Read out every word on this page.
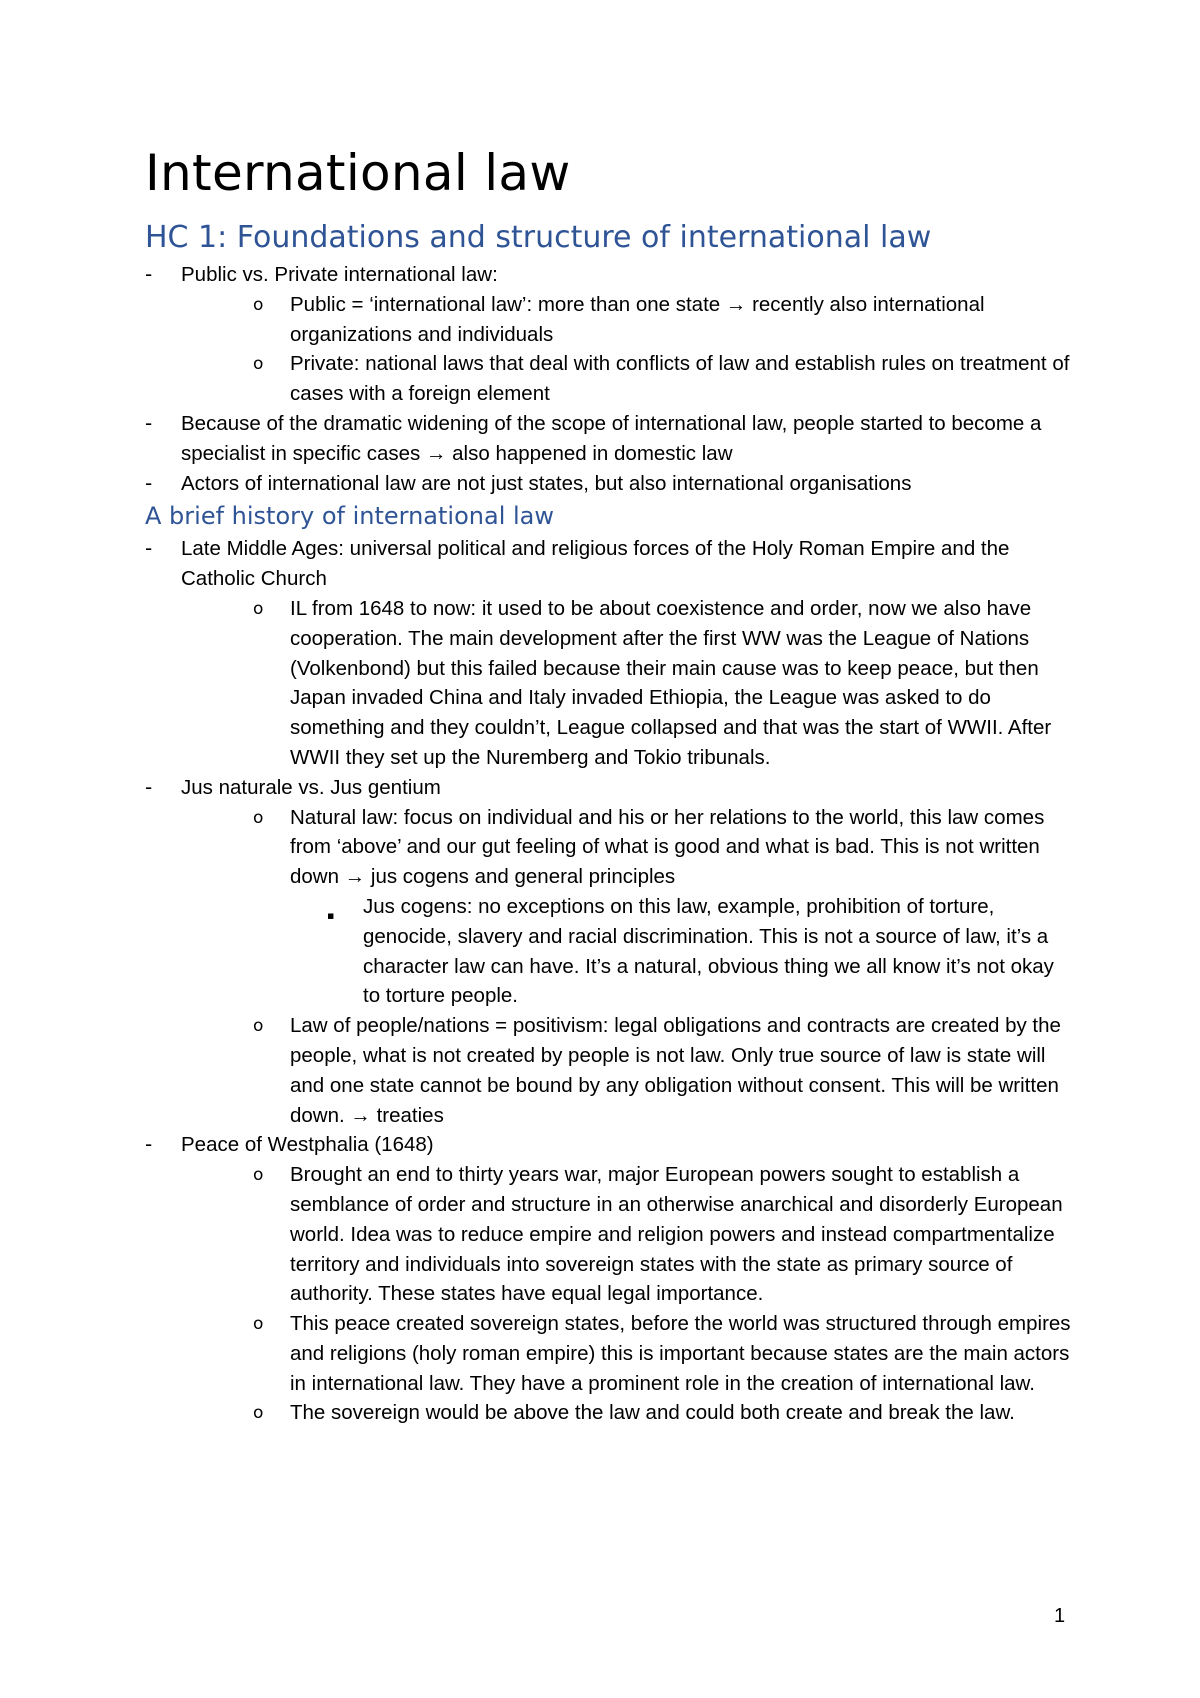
International law
HC 1: Foundations and structure of international law
- Public vs. Private international law:
o Public = ‘international law’: more than one state → recently also international organizations and individuals
o Private: national laws that deal with conflicts of law and establish rules on treatment of cases with a foreign element
- Because of the dramatic widening of the scope of international law, people started to become a specialist in specific cases → also happened in domestic law
- Actors of international law are not just states, but also international organisations
A brief history of international law
- Late Middle Ages: universal political and religious forces of the Holy Roman Empire and the Catholic Church
o IL from 1648 to now: it used to be about coexistence and order, now we also have cooperation. The main development after the first WW was the League of Nations (Volkenbond) but this failed because their main cause was to keep peace, but then Japan invaded China and Italy invaded Ethiopia, the League was asked to do something and they couldn’t, League collapsed and that was the start of WWII. After WWII they set up the Nuremberg and Tokio tribunals.
- Jus naturale vs. Jus gentium
o Natural law: focus on individual and his or her relations to the world, this law comes from ‘above’ and our gut feeling of what is good and what is bad. This is not written down → jus cogens and general principles
▪ Jus cogens: no exceptions on this law, example, prohibition of torture, genocide, slavery and racial discrimination. This is not a source of law, it’s a character law can have. It’s a natural, obvious thing we all know it’s not okay to torture people.
o Law of people/nations = positivism: legal obligations and contracts are created by the people, what is not created by people is not law. Only true source of law is state will and one state cannot be bound by any obligation without consent. This will be written down. → treaties
- Peace of Westphalia (1648)
o Brought an end to thirty years war, major European powers sought to establish a semblance of order and structure in an otherwise anarchical and disorderly European world. Idea was to reduce empire and religion powers and instead compartmentalize territory and individuals into sovereign states with the state as primary source of authority. These states have equal legal importance.
o This peace created sovereign states, before the world was structured through empires and religions (holy roman empire) this is important because states are the main actors in international law. They have a prominent role in the creation of international law.
o The sovereign would be above the law and could both create and break the law.
1
